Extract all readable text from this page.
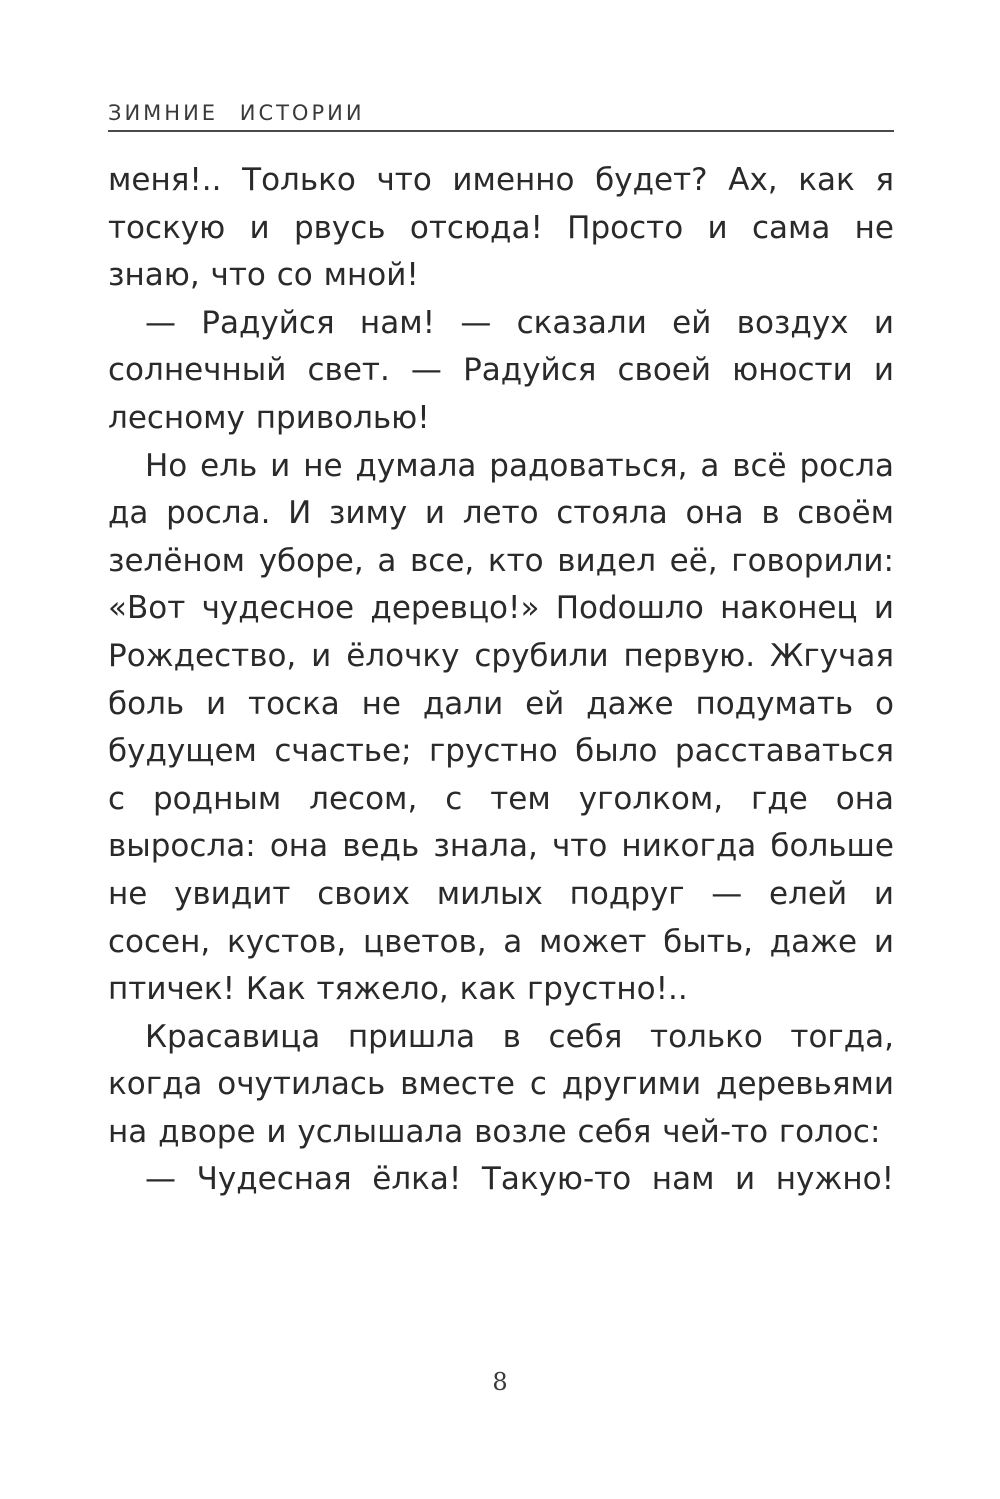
ЗИМНИЕ ИСТОРИИ

меня!.. Только что именно будет? Ах, как я тоскую и рвусь отсюда! Просто и сама не знаю, что со мной!

— Радуйся нам! — сказали ей воздух и солнечный свет. — Радуйся своей юности и лесному приволью!

Но ель и не думала радоваться, а всё росла да росла. И зиму и лето стояла она в своём зелёном уборе, а все, кто видел её, говорили: «Вот чудесное деревцо!» Поdошло наконец и Рождество, и ёлочку срубили первую. Жгучая боль и тоска не дали ей даже подумать о будущем счастье; грустно было расставаться с родным лесом, с тем уголком, где она выросла: она ведь знала, что никогда больше не увидит своих милых подруг — елей и сосен, кустов, цветов, а может быть, даже и птичек! Как тяжело, как грустно!..

Красавица пришла в себя только тогда, когда очутилась вместе с другими деревьями на дворе и услышала возле себя чей-то голос:

— Чудесная ёлка! Такую-то нам и нужно!

8
